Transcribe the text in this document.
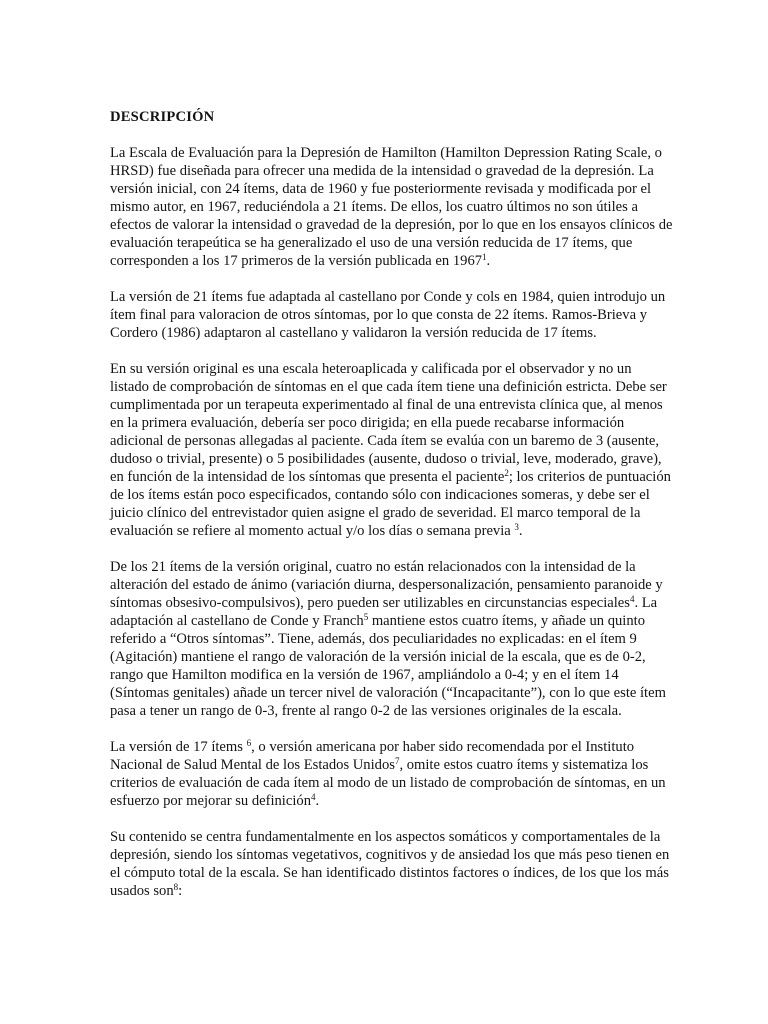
DESCRIPCIÓN

La Escala de Evaluación para la Depresión de Hamilton (Hamilton Depression Rating Scale, o HRSD) fue diseñada para ofrecer una medida de la intensidad o gravedad de la depresión. La versión inicial, con 24 ítems, data de 1960 y fue posteriormente revisada y modificada por el mismo autor, en 1967, reduciéndola a 21 ítems. De ellos, los cuatro últimos no son útiles a efectos de valorar la intensidad o gravedad de la depresión, por lo que en los ensayos clínicos de evaluación terapeútica se ha generalizado el uso de una versión reducida de 17 ítems, que corresponden a los 17 primeros de la versión publicada en 1967$^1$.

La versión de 21 ítems fue adaptada al castellano por Conde y cols en 1984, quien introdujo un ítem final para valoracion de otros síntomas, por lo que consta de 22 ítems. Ramos-Brieva y Cordero (1986) adaptaron al castellano y validaron la versión reducida de 17 ítems.

En su versión original es una escala heteroaplicada y calificada por el observador y no un listado de comprobación de síntomas en el que cada ítem tiene una definición estricta. Debe ser cumplimentada por un terapeuta experimentado al final de una entrevista clínica que, al menos en la primera evaluación, debería ser poco dirigida; en ella puede recabarse información adicional de personas allegadas al paciente. Cada ítem se evalúa con un baremo de 3 (ausente, dudoso o trivial, presente) o 5 posibilidades (ausente, dudoso o trivial, leve, moderado, grave), en función de la intensidad de los síntomas que presenta el paciente$^2$; los criterios de puntuación de los ítems están poco especificados, contando sólo con indicaciones someras, y debe ser el juicio clínico del entrevistador quien asigne el grado de severidad. El marco temporal de la evaluación se refiere al momento actual y/o los días o semana previa $^3$.

De los 21 ítems de la versión original, cuatro no están relacionados con la intensidad de la alteración del estado de ánimo (variación diurna, despersonalización, pensamiento paranoide y síntomas obsesivo-compulsivos), pero pueden ser utilizables en circunstancias especiales$^4$. La adaptación al castellano de Conde y Franch$^5$ mantiene estos cuatro ítems, y añade un quinto referido a “Otros síntomas”. Tiene, además, dos peculiaridades no explicadas: en el ítem 9 (Agitación) mantiene el rango de valoración de la versión inicial de la escala, que es de 0-2, rango que Hamilton modifica en la versión de 1967, ampliándolo a 0-4; y en el ítem 14 (Síntomas genitales) añade un tercer nivel de valoración (“Incapacitante”), con lo que este ítem pasa a tener un rango de 0-3, frente al rango 0-2 de las versiones originales de la escala.

La versión de 17 ítems $^6$, o versión americana por haber sido recomendada por el Instituto Nacional de Salud Mental de los Estados Unidos$^7$, omite estos cuatro ítems y sistematiza los criterios de evaluación de cada ítem al modo de un listado de comprobación de síntomas, en un esfuerzo por mejorar su definición$^4$.

Su contenido se centra fundamentalmente en los aspectos somáticos y comportamentales de la depresión, siendo los síntomas vegetativos, cognitivos y de ansiedad los que más peso tienen en el cómputo total de la escala. Se han identificado distintos factores o índices, de los que los más usados son$^8$:
